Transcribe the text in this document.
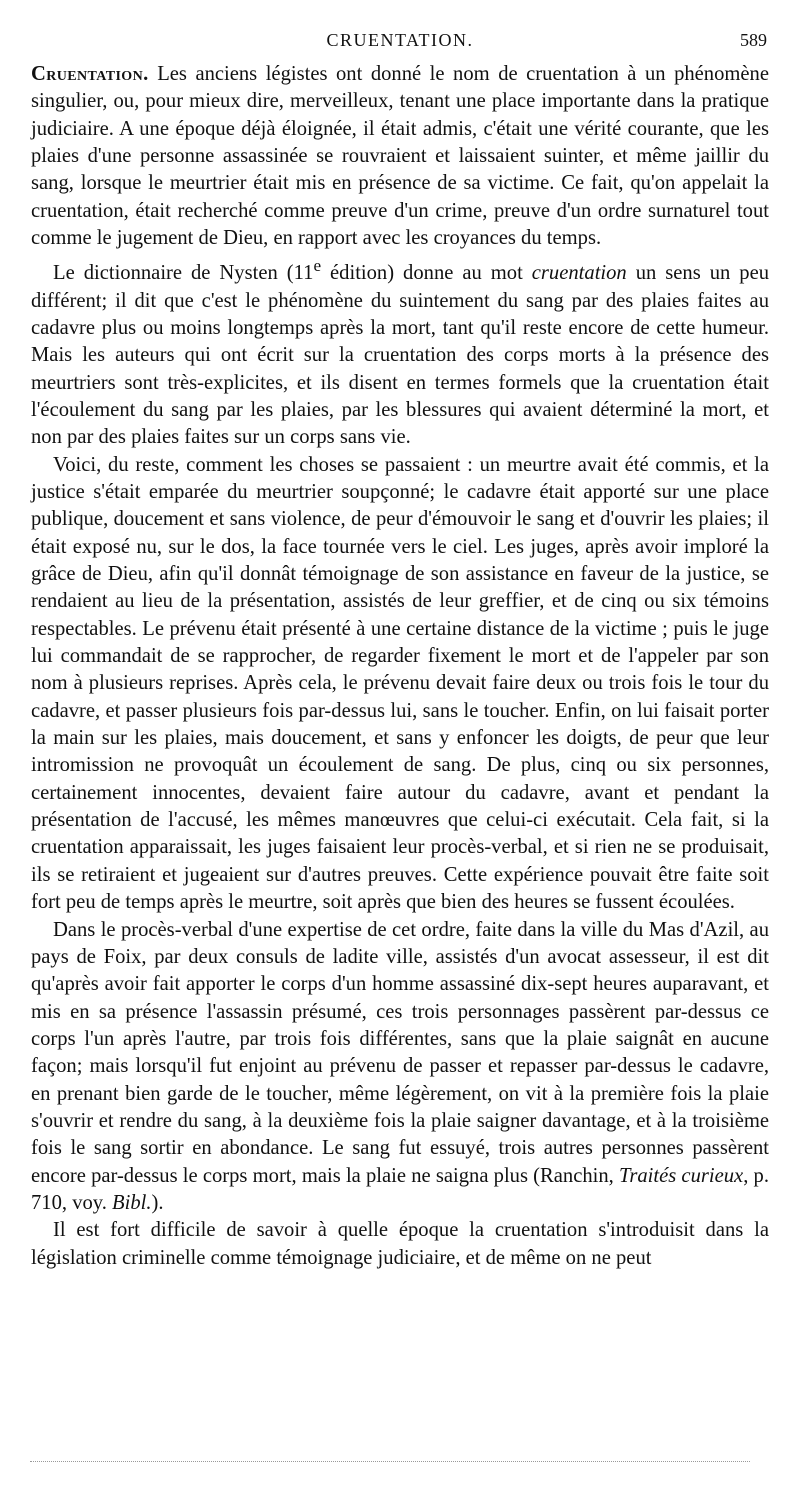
CRUENTATION.	589

Cruentation. Les anciens légistes ont donné le nom de cruentation à un phénomène singulier, ou, pour mieux dire, merveilleux, tenant une place importante dans la pratique judiciaire. A une époque déjà éloignée, il était admis, c'était une vérité courante, que les plaies d'une personne assassinée se rouvraient et laissaient suinter, et même jaillir du sang, lorsque le meurtrier était mis en présence de sa victime. Ce fait, qu'on appelait la cruentation, était recherché comme preuve d'un crime, preuve d'un ordre surnaturel tout comme le jugement de Dieu, en rapport avec les croyances du temps.

Le dictionnaire de Nysten (11e édition) donne au mot cruentation un sens un peu différent; il dit que c'est le phénomène du suintement du sang par des plaies faites au cadavre plus ou moins longtemps après la mort, tant qu'il reste encore de cette humeur. Mais les auteurs qui ont écrit sur la cruentation des corps morts à la présence des meurtriers sont très-explicites, et ils disent en termes formels que la cruentation était l'écoulement du sang par les plaies, par les blessures qui avaient déterminé la mort, et non par des plaies faites sur un corps sans vie.

Voici, du reste, comment les choses se passaient : un meurtre avait été commis, et la justice s'était emparée du meurtrier soupçonné; le cadavre était apporté sur une place publique, doucement et sans violence, de peur d'émouvoir le sang et d'ouvrir les plaies; il était exposé nu, sur le dos, la face tournée vers le ciel. Les juges, après avoir imploré la grâce de Dieu, afin qu'il donnât témoignage de son assistance en faveur de la justice, se rendaient au lieu de la présentation, assistés de leur greffier, et de cinq ou six témoins respectables. Le prévenu était présenté à une certaine distance de la victime ; puis le juge lui commandait de se rapprocher, de regarder fixement le mort et de l'appeler par son nom à plusieurs reprises. Après cela, le prévenu devait faire deux ou trois fois le tour du cadavre, et passer plusieurs fois par-dessus lui, sans le toucher. Enfin, on lui faisait porter la main sur les plaies, mais doucement, et sans y enfoncer les doigts, de peur que leur intromission ne provoquât un écoulement de sang. De plus, cinq ou six personnes, certainement innocentes, devaient faire autour du cadavre, avant et pendant la présentation de l'accusé, les mêmes manœuvres que celui-ci exécutait. Cela fait, si la cruentation apparaissait, les juges faisaient leur procès-verbal, et si rien ne se produisait, ils se retiraient et jugeaient sur d'autres preuves. Cette expérience pouvait être faite soit fort peu de temps après le meurtre, soit après que bien des heures se fussent écoulées.

Dans le procès-verbal d'une expertise de cet ordre, faite dans la ville du Mas d'Azil, au pays de Foix, par deux consuls de ladite ville, assistés d'un avocat assesseur, il est dit qu'après avoir fait apporter le corps d'un homme assassiné dix-sept heures auparavant, et mis en sa présence l'assassin présumé, ces trois personnages passèrent par-dessus ce corps l'un après l'autre, par trois fois différentes, sans que la plaie saignât en aucune façon; mais lorsqu'il fut enjoint au prévenu de passer et repasser par-dessus le cadavre, en prenant bien garde de le toucher, même légèrement, on vit à la première fois la plaie s'ouvrir et rendre du sang, à la deuxième fois la plaie saigner davantage, et à la troisième fois le sang sortir en abondance. Le sang fut essuyé, trois autres personnes passèrent encore par-dessus le corps mort, mais la plaie ne saigna plus (Ranchin, Traités curieux, p. 710, voy. Bibl.).

Il est fort difficile de savoir à quelle époque la cruentation s'introduisit dans la législation criminelle comme témoignage judiciaire, et de même on ne peut
